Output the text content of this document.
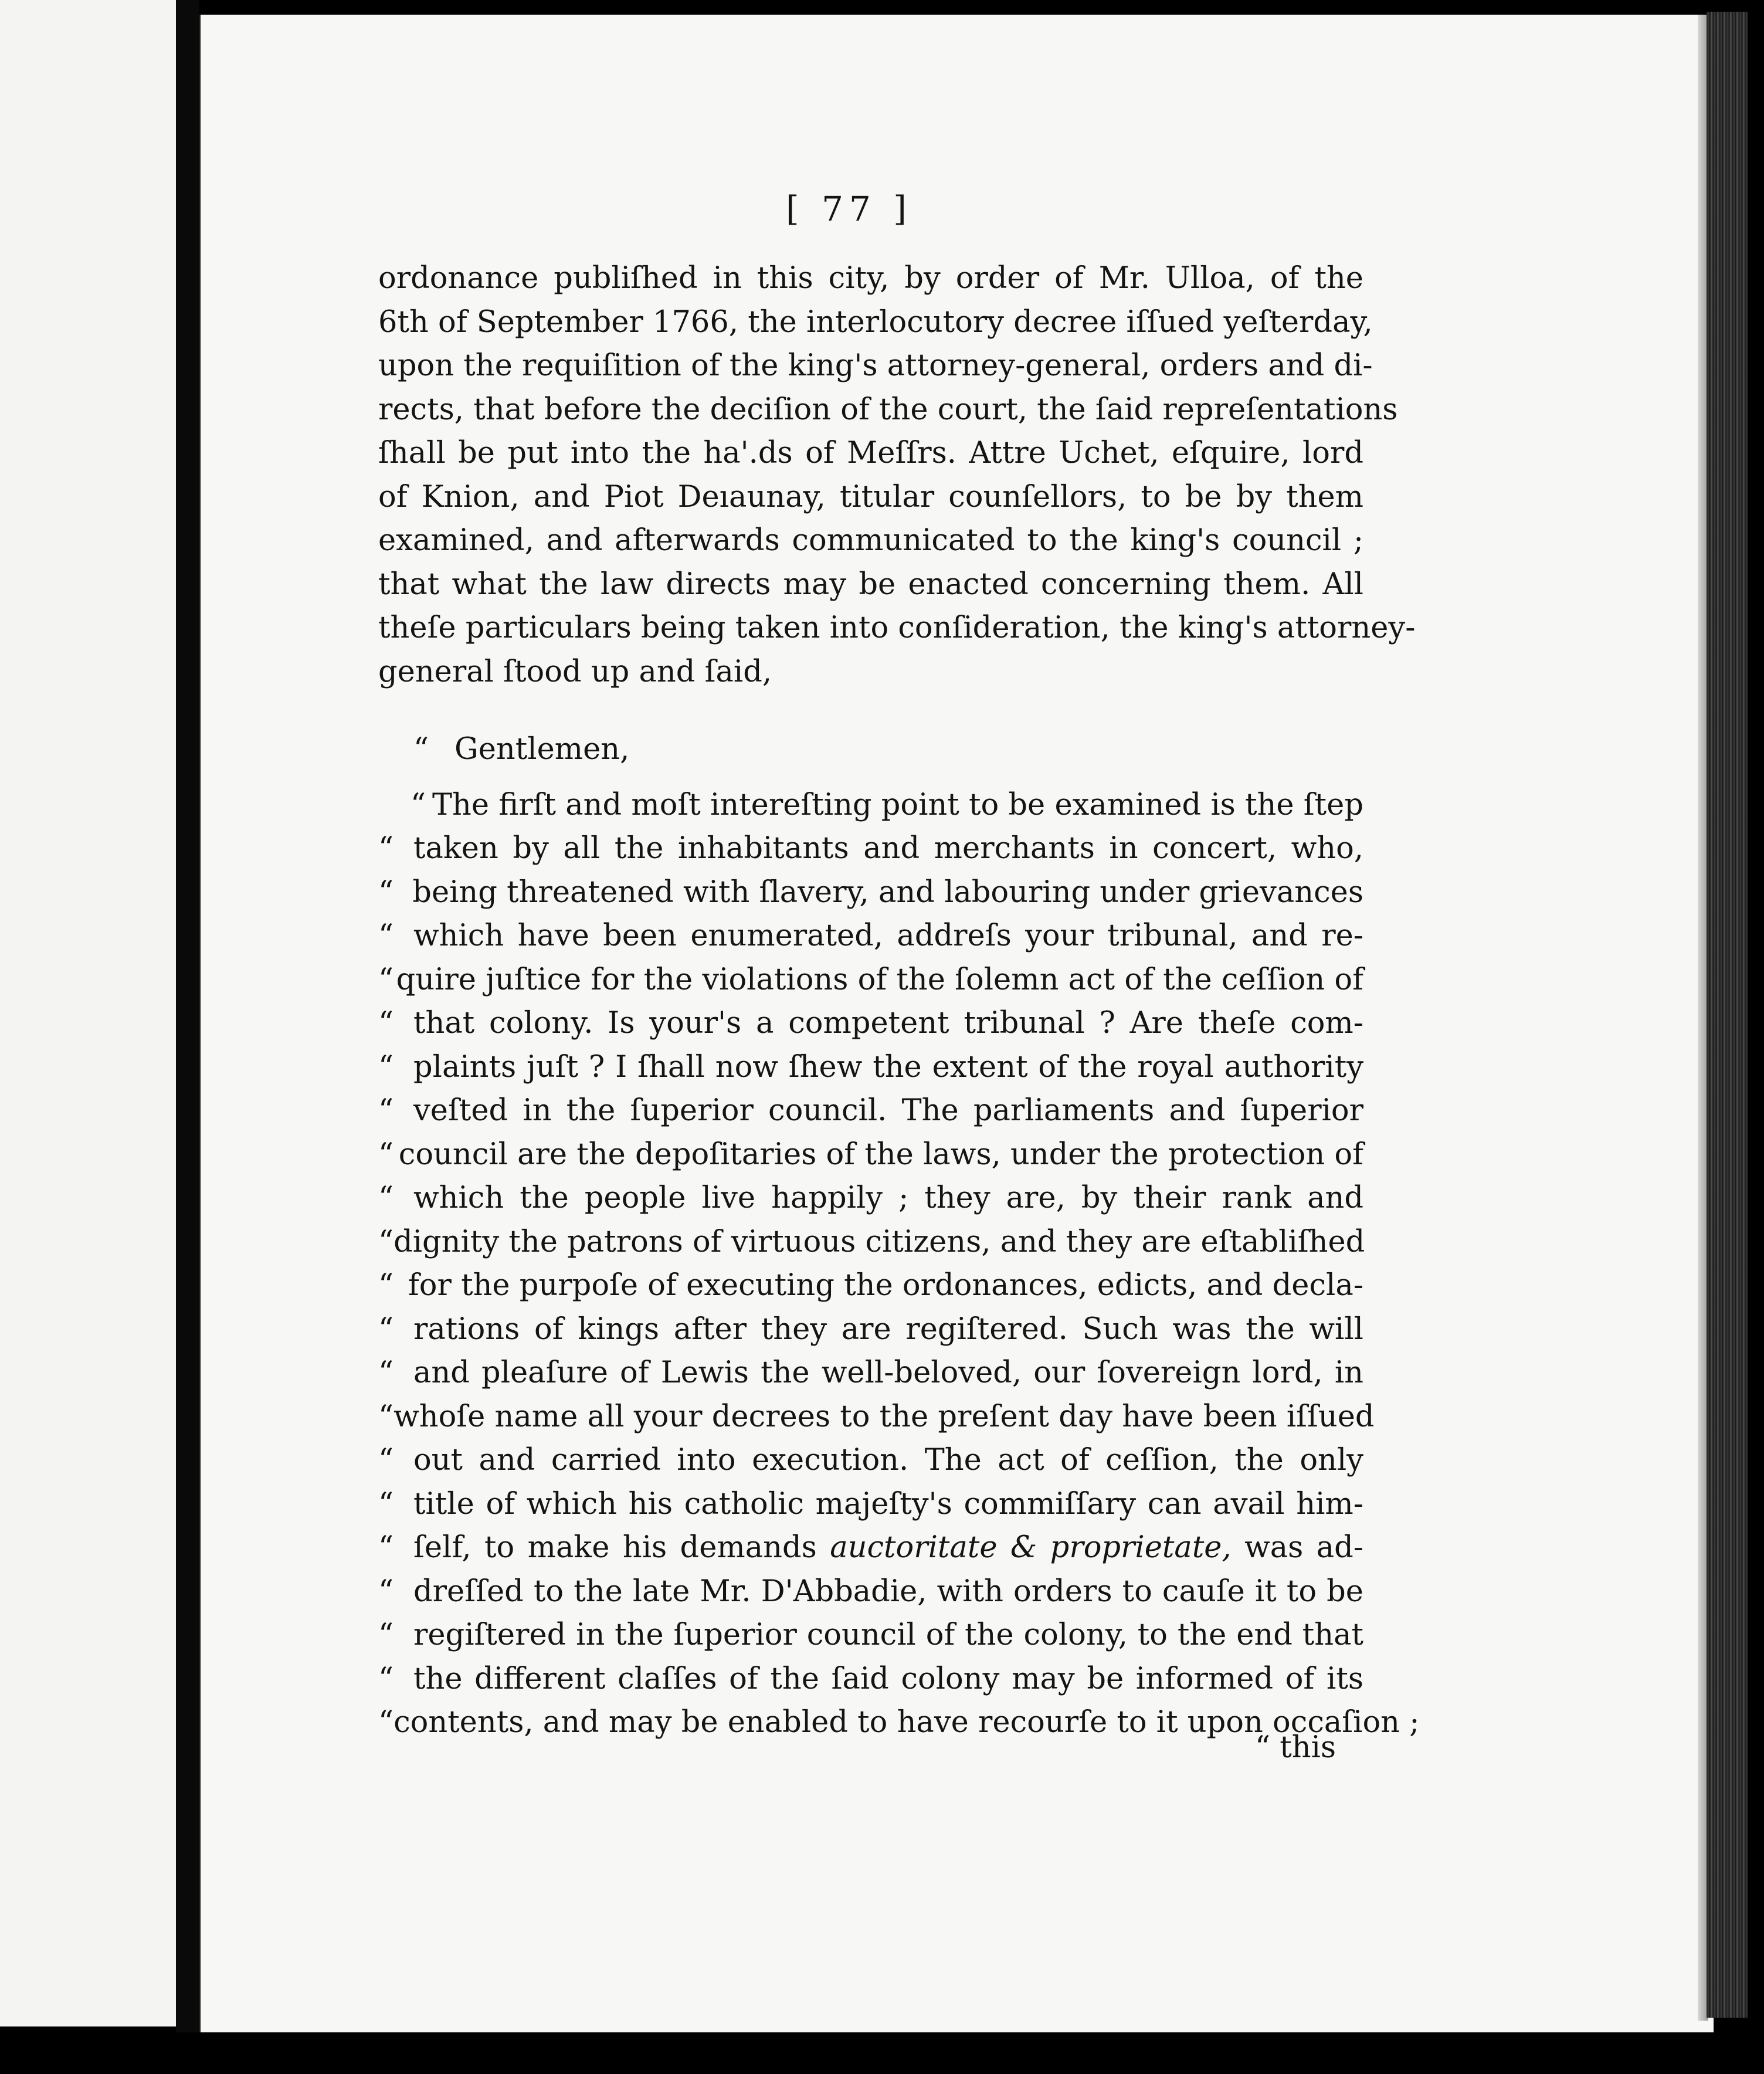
[ 77 ]
ordonance publiſhed in this city, by order of Mr. Ulloa, of the
6th of September 1766, the interlocutory decree iſſued yeſterday,
upon the requiſition of the king's attorney-general, orders and di-
rects, that before the deciſion of the court, the ſaid repreſentations
ſhall be put into the ha'.ds of Meſſrs. Attre Uchet, eſquire, lord
of Knion, and Piot Deıaunay, titular counſellors, to be by them
examined, and afterwards communicated to the king's council ;
that what the law directs may be enacted concerning them. All
theſe particulars being taken into conſideration, the king's attorney-
general ſtood up and ſaid,
“ Gentlemen,
“ The firſt and moſt intereſting point to be examined is the ſtep
“ taken by all the inhabitants and merchants in concert, who,
“ being threatened with ſlavery, and labouring under grievances
“ which have been enumerated, addreſs your tribunal, and re-
“ quire juſtice for the violations of the ſolemn act of the ceſſion of
“ that colony. Is your's a competent tribunal ? Are theſe com-
“ plaints juſt ? I ſhall now ſhew the extent of the royal authority
“ veſted in the ſuperior council. The parliaments and ſuperior
“ council are the depoſitaries of the laws, under the protection of
“ which the people live happily ; they are, by their rank and
“ dignity the patrons of virtuous citizens, and they are eſtabliſhed
“ for the purpoſe of executing the ordonances, edicts, and decla-
“ rations of kings after they are regiſtered. Such was the will
“ and pleaſure of Lewis the well-beloved, our ſovereign lord, in
“ whoſe name all your decrees to the preſent day have been iſſued
“ out and carried into execution. The act of ceſſion, the only
“ title of which his catholic majeſty's commiſſary can avail him-
“ ſelf, to make his demands auctoritate & proprietate, was ad-
“ dreſſed to the late Mr. D'Abbadie, with orders to cauſe it to be
“ regiſtered in the ſuperior council of the colony, to the end that
“ the different claſſes of the ſaid colony may be informed of its
“ contents, and may be enabled to have recourſe to it upon occaſion ;
“ this
